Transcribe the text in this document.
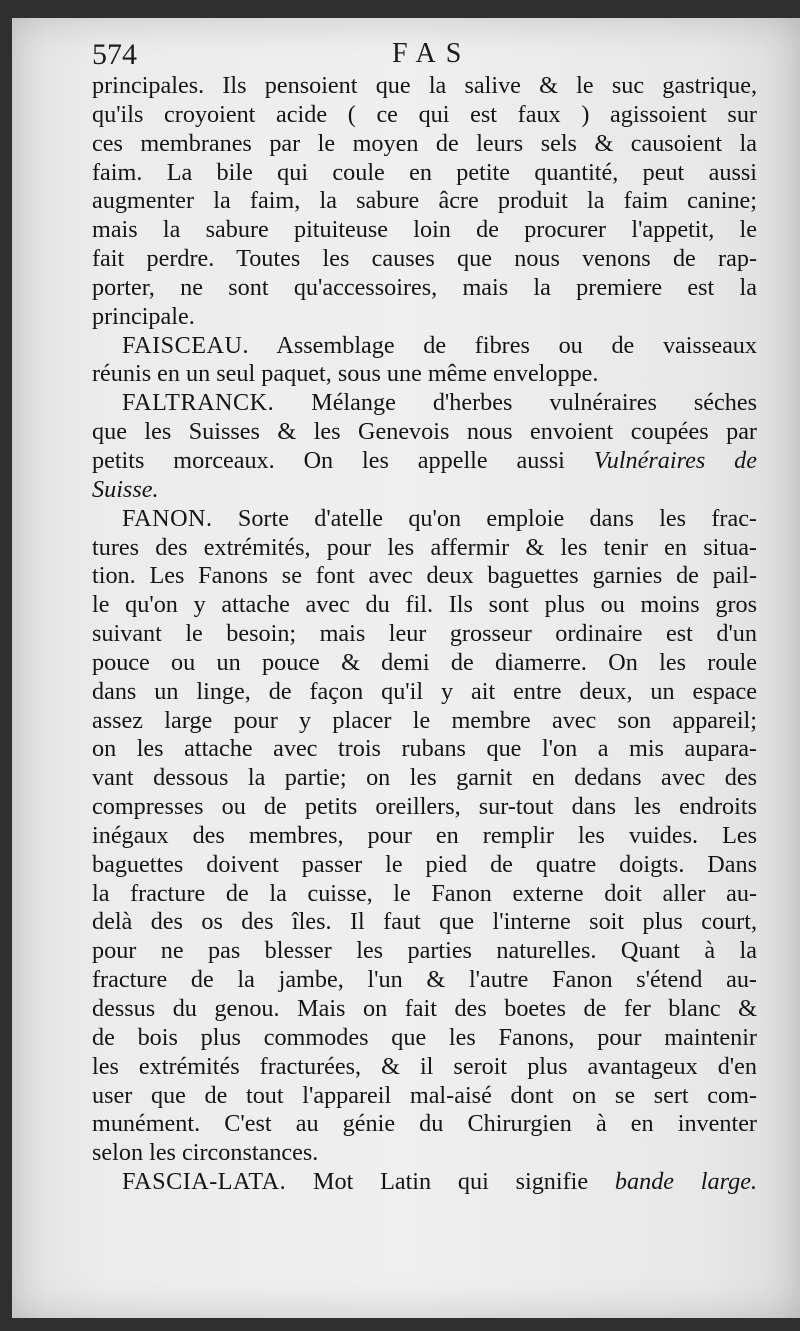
574	FAS
principales. Ils pensoient que la salive & le suc gastrique,
qu'ils croyoient acide ( ce qui est faux ) agissoient sur
ces membranes par le moyen de leurs sels & causoient la
faim. La bile qui coule en petite quantité, peut aussi
augmenter la faim, la sabure âcre produit la faim canine;
mais la sabure pituiteuse loin de procurer l'appetit, le
fait perdre. Toutes les causes que nous venons de rap-
porter, ne sont qu'accessoires, mais la premiere est la
principale.
FAISCEAU. Assemblage de fibres ou de vaisseaux
réunis en un seul paquet, sous une même enveloppe.
FALTRANCK. Mélange d'herbes vulnéraires séches
que les Suisses & les Genevois nous envoient coupées par
petits morceaux. On les appelle aussi Vulnéraires de
Suisse.
FANON. Sorte d'atelle qu'on emploie dans les frac-
tures des extrémités, pour les affermir & les tenir en situa-
tion. Les Fanons se font avec deux baguettes garnies de pail-
le qu'on y attache avec du fil. Ils sont plus ou moins gros
suivant le besoin; mais leur grosseur ordinaire est d'un
pouce ou un pouce & demi de diamerre. On les roule
dans un linge, de façon qu'il y ait entre deux, un espace
assez large pour y placer le membre avec son appareil;
on les attache avec trois rubans que l'on a mis aupara-
vant dessous la partie; on les garnit en dedans avec des
compresses ou de petits oreillers, sur-tout dans les endroits
inégaux des membres, pour en remplir les vuides. Les
baguettes doivent passer le pied de quatre doigts. Dans
la fracture de la cuisse, le Fanon externe doit aller au-
delà des os des îles. Il faut que l'interne soit plus court,
pour ne pas blesser les parties naturelles. Quant à la
fracture de la jambe, l'un & l'autre Fanon s'étend au-
dessus du genou. Mais on fait des boetes de fer blanc &
de bois plus commodes que les Fanons, pour maintenir
les extrémités fracturées, & il seroit plus avantageux d'en
user que de tout l'appareil mal-aisé dont on se sert com-
munément. C'est au génie du Chirurgien à en inventer
selon les circonstances.
FASCIA-LATA. Mot Latin qui signifie bande large.
